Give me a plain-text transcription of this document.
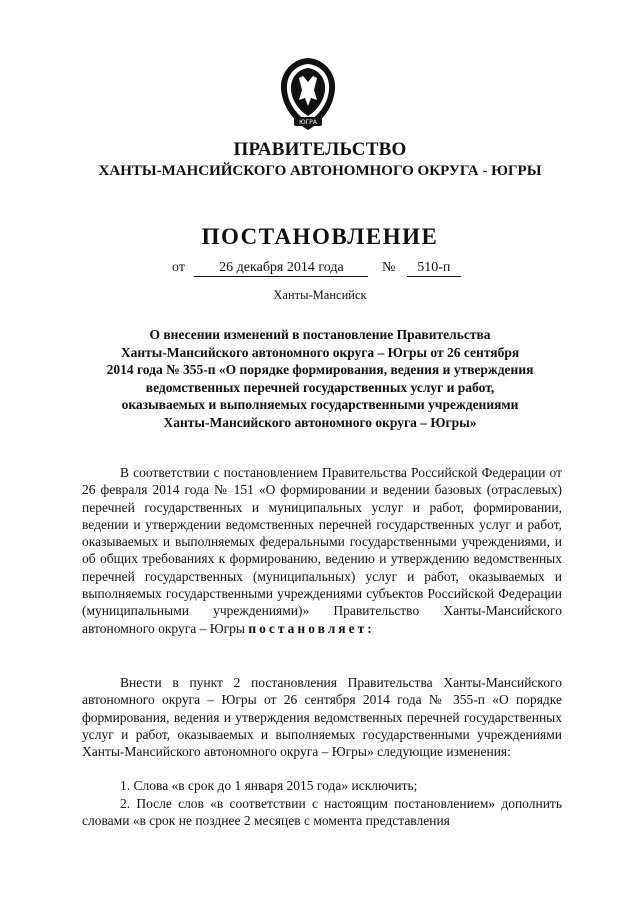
ЮГРА
ПРАВИТЕЛЬСТВО
ХАНТЫ-МАНСИЙСКОГО АВТОНОМНОГО ОКРУГА - ЮГРЫ
ПОСТАНОВЛЕНИЕ
от 26 декабря 2014 года	№ 510-п
Ханты-Мансийск
О внесении изменений в постановление Правительства
Ханты-Мансийского автономного округа – Югры от 26 сентября
2014 года № 355-п «О порядке формирования, ведения и утверждения
ведомственных перечней государственных услуг и работ,
оказываемых и выполняемых государственными учреждениями
Ханты-Мансийского автономного округа – Югры»
В соответствии с постановлением Правительства Российской Федерации от 26 февраля 2014 года № 151 «О формировании и ведении базовых (отраслевых) перечней государственных и муниципальных услуг и работ, формировании, ведении и утверждении ведомственных перечней государственных услуг и работ, оказываемых и выполняемых федеральными государственными учреждениями, и об общих требованиях к формированию, ведению и утверждению ведомственных перечней государственных (муниципальных) услуг и работ, оказываемых и выполняемых государственными учреждениями субъектов Российской Федерации (муниципальными учреждениями)» Правительство Ханты-Мансийского автономного округа – Югры постановляет:
Внести в пункт 2 постановления Правительства Ханты-Мансийского автономного округа – Югры от 26 сентября 2014 года № 355-п «О порядке формирования, ведения и утверждения ведомственных перечней государственных услуг и работ, оказываемых и выполняемых государственными учреждениями Ханты-Мансийского автономного округа – Югры» следующие изменения:
1. Слова «в срок до 1 января 2015 года» исключить;
2. После слов «в соответствии с настоящим постановлением» дополнить словами «в срок не позднее 2 месяцев с момента представления
